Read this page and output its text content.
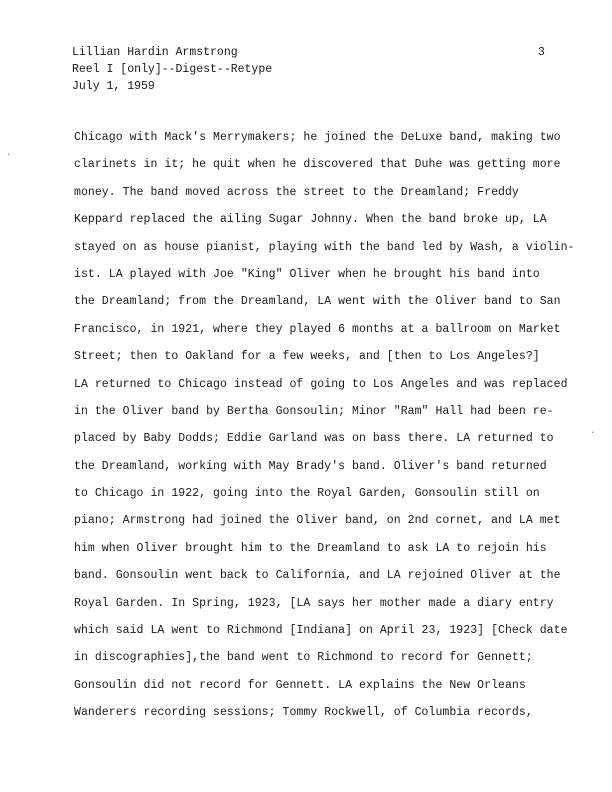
Lillian Hardin Armstrong
Reel I [only]--Digest--Retype
July 1, 1959
3
Chicago with Mack's Merrymakers; he joined the DeLuxe band, making two
clarinets in it; he quit when he discovered that Duhe was getting more
money. The band moved across the street to the Dreamland; Freddy
Keppard replaced the ailing Sugar Johnny. When the band broke up, LA
stayed on as house pianist, playing with the band led by Wash, a violin-
ist. LA played with Joe "King" Oliver when he brought his band into
the Dreamland; from the Dreamland, LA went with the Oliver band to San
Francisco, in 1921, where they played 6 months at a ballroom on Market
Street; then to Oakland for a few weeks, and [then to Los Angeles?]
LA returned to Chicago instead of going to Los Angeles and was replaced
in the Oliver band by Bertha Gonsoulin; Minor "Ram" Hall had been re-
placed by Baby Dodds; Eddie Garland was on bass there. LA returned to
the Dreamland, working with May Brady's band. Oliver's band returned
to Chicago in 1922, going into the Royal Garden, Gonsoulin still on
piano; Armstrong had joined the Oliver band, on 2nd cornet, and LA met
him when Oliver brought him to the Dreamland to ask LA to rejoin his
band. Gonsoulin went back to California, and LA rejoined Oliver at the
Royal Garden. In Spring, 1923, [LA says her mother made a diary entry
which said LA went to Richmond [Indiana] on April 23, 1923] [Check date
in discographies],the band went to Richmond to record for Gennett;
Gonsoulin did not record for Gennett. LA explains the New Orleans
Wanderers recording sessions; Tommy Rockwell, of Columbia records,
·
·
